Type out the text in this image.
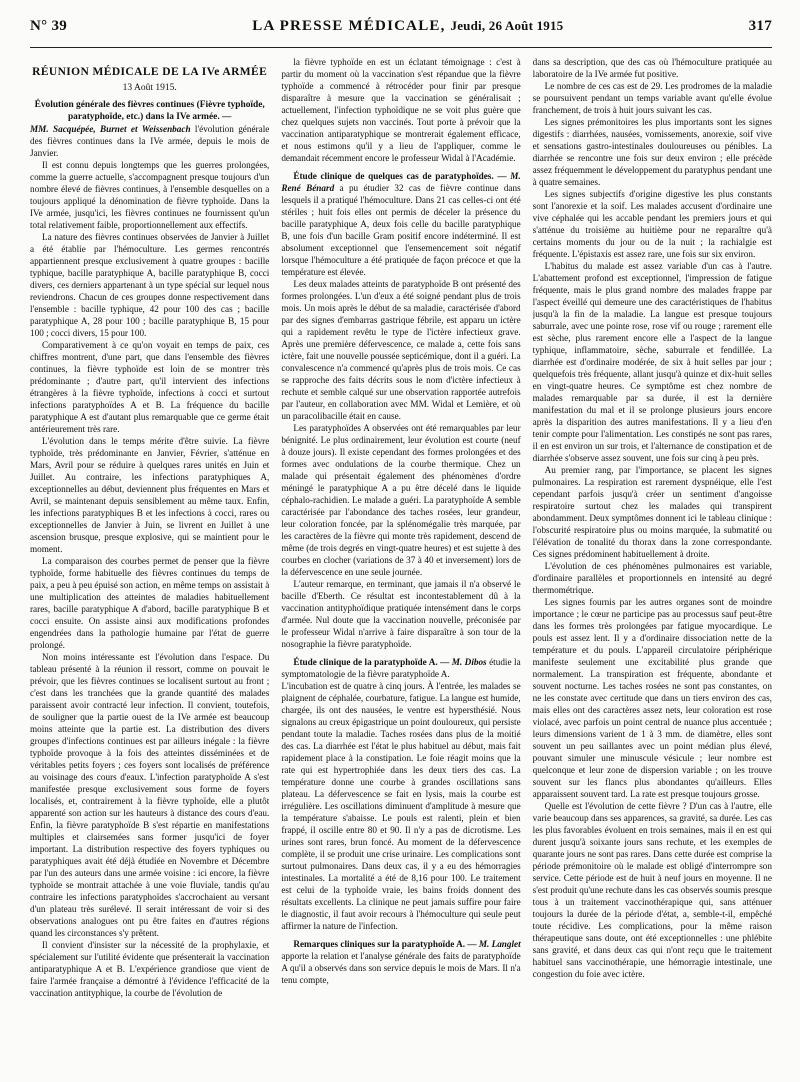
N° 39	LA PRESSE MÉDICALE, Jeudi, 26 Août 1915	317
RÉUNION MÉDICALE DE LA IVe ARMÉE
13 Août 1915.
Évolution générale des fièvres continues (Fièvre typhoïde, paratyphoïde, etc.) dans la IVe armée. —

MM. Sacquépée, Burnet et Weissenbach l'évolution générale des fièvres continues dans la IVe armée, depuis le mois de Janvier.

Il est connu depuis longtemps que les guerres prolongées, comme la guerre actuelle, s'accompagnent presque toujours d'un nombre élevé de fièvres continues, à l'ensemble desquelles on a toujours appliqué la dénomination de fièvre typhoïde. Dans la IVe armée, jusqu'ici, les fièvres continues ne fournissent qu'un total relativement faible, proportionnellement aux effectifs.

La nature des fièvres continues observées de Janvier à Juillet a été établie par l'hémoculture. Les germes rencontrés appartiennent presque exclusivement à quatre groupes : bacille typhique, bacille paratyphique A, bacille paratyphique B, cocci divers, ces derniers appartenant à un type spécial sur lequel nous reviendrons. Chacun de ces groupes donne respectivement dans l'ensemble : bacille typhique, 42 pour 100 des cas ; bacille paratyphique A, 28 pour 100 ; bacille paratyphique B, 15 pour 100 ; cocci divers, 15 pour 100.

Comparativement à ce qu'on voyait en temps de paix, ces chiffres montrent, d'une part, que dans l'ensemble des fièvres continues, la fièvre typhoïde est loin de se montrer très prédominante ; d'autre part, qu'il intervient des infections étrangères à la fièvre typhoïde, infections à cocci et surtout infections paratyphoïdes A et B. La fréquence du bacille paratyphique A est d'autant plus remarquable que ce germe était antérieurement très rare.

L'évolution dans le temps mérite d'être suivie. La fièvre typhoïde, très prédominante en Janvier, Février, s'atténue en Mars, Avril pour se réduire à quelques rares unités en Juin et Juillet. Au contraire, les infections paratyphiques A, exceptionnelles au début, deviennent plus fréquentes en Mars et Avril, se maintenant depuis sensiblement au même taux. Enfin, les infections paratyphiques B et les infections à cocci, rares ou exceptionnelles de Janvier à Juin, se livrent en Juillet à une ascension brusque, presque explosive, qui se maintient pour le moment.

La comparaison des courbes permet de penser que la fièvre typhoïde, forme habituelle des fièvres continues du temps de paix, a peu à peu épuisé son action, en même temps on assistait à une multiplication des atteintes de maladies habituellement rares, bacille paratyphique A d'abord, bacille paratyphique B et cocci ensuite. On assiste ainsi aux modifications profondes engendrées dans la pathologie humaine par l'état de guerre prolongé.

Non moins intéressante est l'évolution dans l'espace. Du tableau présenté à la réunion il ressort, comme on pouvait le prévoir, que les fièvres continues se localisent surtout au front ; c'est dans les tranchées que la grande quantité des malades paraissent avoir contracté leur infection. Il convient, toutefois, de souligner que la partie ouest de la IVe armée est beaucoup moins atteinte que la partie est. La distribution des divers groupes d'infections continues est par ailleurs inégale : la fièvre typhoïde provoque à la fois des atteintes disséminées et de véritables petits foyers ; ces foyers sont localisés de préférence au voisinage des cours d'eaux. L'infection paratyphoïde A s'est manifestée presque exclusivement sous forme de foyers localisés, et, contrairement à la fièvre typhoïde, elle a plutôt apparenté son action sur les hauteurs à distance des cours d'eau. Enfin, la fièvre paratyphoïde B s'est répartie en manifestations multiples et clairsemées sans former jusqu'ici de foyer important. La distribution respective des foyers typhiques ou paratyphiques avait été déjà étudiée en Novembre et Décembre par l'un des auteurs dans une armée voisine : ici encore, la fièvre typhoïde se montrait attachée à une voie fluviale, tandis qu'au contraire les infections paratyphoïdes s'accrochaient au versant d'un plateau très surélevé. Il serait intéressant de voir si des observations analogues ont pu être faites en d'autres régions quand les circonstances s'y prêtent.

Il convient d'insister sur la nécessité de la prophylaxie, et spécialement sur l'utilité évidente que présenterait la vaccination antiparatyphique A et B. L'expérience grandiose que vient de faire l'armée française a démontré à l'évidence l'efficacité de la vaccination antityphique, la courbe de l'évolution de

la fièvre typhoïde en est un éclatant témoignage : c'est à partir du moment où la vaccination s'est répandue que la fièvre typhoïde a commencé à rétrocéder pour finir par presque disparaître à mesure que la vaccination se généralisait ; actuellement, l'infection typhoïdique ne se voit plus guère que chez quelques sujets non vaccinés. Tout porte à prévoir que la vaccination antiparatyphique se montrerait également efficace, et nous estimons qu'il y a lieu de l'appliquer, comme le demandait récemment encore le professeur Widal à l'Académie.

Étude clinique de quelques cas de paratyphoïdes. — M. René Bénard a pu étudier 32 cas de fièvre continue dans lesquels il a pratiqué l'hémoculture. Dans 21 cas celles-ci ont été stériles ; huit fois elles ont permis de déceler la présence du bacille paratyphique A, deux fois celle du bacille paratyphique B, une fois d'un bacille Gram positif encore indéterminé. Il est absolument exceptionnel que l'ensemencement soit négatif lorsque l'hémoculture a été pratiquée de façon précoce et que la température est élevée.

Les deux malades atteints de paratyphoïde B ont présenté des formes prolongées. L'un d'eux a été soigné pendant plus de trois mois. Un mois après le début de sa maladie, caractérisée d'abord par des signes d'embarras gastrique fébrile, est apparu un ictère qui a rapidement revêtu le type de l'ictère infectieux grave. Après une première défervescence, ce malade a, cette fois sans ictère, fait une nouvelle poussée septicémique, dont il a guéri. La convalescence n'a commencé qu'après plus de trois mois. Ce cas se rapproche des faits décrits sous le nom d'ictère infectieux à rechute et semble calqué sur une observation rapportée autrefois par l'auteur, en collaboration avec MM. Widal et Lemière, et où un paracolibacille était en cause.

Les paratyphoïdes A observées ont été remarquables par leur bénignité. Le plus ordinairement, leur évolution est courte (neuf à douze jours). Il existe cependant des formes prolongées et des formes avec ondulations de la courbe thermique. Chez un malade qui présentait également des phénomènes d'ordre méningé le paratyphique A a pu être décelé dans le liquide céphalo-rachidien. Le malade a guéri. La paratyphoïde A semble caractérisée par l'abondance des taches rosées, leur grandeur, leur coloration foncée, par la splénomégalie très marquée, par les caractères de la fièvre qui monte très rapidement, descend de même (de trois degrés en vingt-quatre heures) et est sujette à des courbes en clocher (variations de 37 à 40 et inversement) lors de la défervescence en une seule journée.

L'auteur remarque, en terminant, que jamais il n'a observé le bacille d'Eberth. Ce résultat est incontestablement dû à la vaccination antityphoïdique pratiquée intensément dans le corps d'armée. Nul doute que la vaccination nouvelle, préconisée par le professeur Widal n'arrive à faire disparaître à son tour de la nosographie la fièvre paratyphoïde.

Étude clinique de la paratyphoïde A. — M. Dibos étudie la symptomatologie de la fièvre paratyphoïde A.

L'incubation est de quatre à cinq jours. À l'entrée, les malades se plaignent de céphalée, courbature, fatigue. La langue est humide, chargée, ils ont des nausées, le ventre est hypersthésié. Nous signalons au creux épigastrique un point douloureux, qui persiste pendant toute la maladie. Taches rosées dans plus de la moitié des cas. La diarrhée est l'état le plus habituel au début, mais fait rapidement place à la constipation. Le foie réagit moins que la rate qui est hypertrophiée dans les deux tiers des cas. La température donne une courbe à grandes oscillations sans plateau. La défervescence se fait en lysis, mais la courbe est irrégulière. Les oscillations diminuent d'amplitude à mesure que la température s'abaisse. Le pouls est ralenti, plein et bien frappé, il oscille entre 80 et 90. Il n'y a pas de dicrotisme. Les urines sont rares, brun foncé. Au moment de la défervescence complète, il se produit une crise urinaire. Les complications sont surtout pulmonaires. Dans deux cas, il y a eu des hémorragies intestinales. La mortalité a été de 8,16 pour 100. Le traitement est celui de la typhoïde vraie, les bains froids donnent des résultats excellents. La clinique ne peut jamais suffire pour faire le diagnostic, il faut avoir recours à l'hémoculture qui seule peut affirmer la nature de l'infection.

Remarques cliniques sur la paratyphoïde A. — M. Langlet apporte la relation et l'analyse générale des faits de paratyphoïde A qu'il a observés dans son service depuis le mois de Mars. Il n'a tenu compte,

dans sa description, que des cas où l'hémoculture pratiquée au laboratoire de la IVe armée fut positive.

Le nombre de ces cas est de 29. Les prodromes de la maladie se poursuivent pendant un temps variable avant qu'elle évolue franchement, de trois à huit jours suivant les cas.

Les signes prémonitoires les plus importants sont les signes digestifs : diarrhées, nausées, vomissements, anorexie, soif vive et sensations gastro-intestinales douloureuses ou pénibles. La diarrhée se rencontre une fois sur deux environ ; elle précède assez fréquemment le développement du paratyphus pendant une à quatre semaines.

Les signes subjectifs d'origine digestive les plus constants sont l'anorexie et la soif. Les malades accusent d'ordinaire une vive céphalée qui les accable pendant les premiers jours et qui s'atténue du troisième au huitième pour ne reparaître qu'à certains moments du jour ou de la nuit ; la rachialgie est fréquente. L'épistaxis est assez rare, une fois sur six environ.

L'habitus du malade est assez variable d'un cas à l'autre. L'abattement profond est exceptionnel, l'impression de fatigue fréquente, mais le plus grand nombre des malades frappe par l'aspect éveillé qui demeure une des caractéristiques de l'habitus jusqu'à la fin de la maladie. La langue est presque toujours saburrale, avec une pointe rose, rose vif ou rouge ; rarement elle est sèche, plus rarement encore elle a l'aspect de la langue typhique, inflammatoire, sèche, saburrale et fendillée. La diarrhée est d'ordinaire modérée, de six à huit selles par jour ; quelquefois très fréquente, allant jusqu'à quinze et dix-huit selles en vingt-quatre heures. Ce symptôme est chez nombre de malades remarquable par sa durée, il est la dernière manifestation du mal et il se prolonge plusieurs jours encore après la disparition des autres manifestations. Il y a lieu d'en tenir compte pour l'alimentation. Les constipés ne sont pas rares, il en est environ un sur trois, et l'alternance de constipation et de diarrhée s'observe assez souvent, une fois sur cinq à peu près.

Au premier rang, par l'importance, se placent les signes pulmonaires. La respiration est rarement dyspnéique, elle l'est cependant parfois jusqu'à créer un sentiment d'angoisse respiratoire surtout chez les malades qui transpirent abondamment. Deux symptômes donnent ici le tableau clinique : l'obscurité respiratoire plus ou moins marquée, la submatité ou l'élévation de tonalité du thorax dans la zone correspondante. Ces signes prédominent habituellement à droite.

L'évolution de ces phénomènes pulmonaires est variable, d'ordinaire parallèles et proportionnels en intensité au degré thermométrique.

Les signes fournis par les autres organes sont de moindre importance ; le cœur ne participe pas au processus sauf peut-être dans les formes très prolongées par fatigue myocardique. Le pouls est assez lent. Il y a d'ordinaire dissociation nette de la température et du pouls. L'appareil circulatoire périphérique manifeste seulement une excitabilité plus grande que normalement. La transpiration est fréquente, abondante et souvent nocturne. Les taches rosées ne sont pas constantes, on ne les constate avec certitude que dans un tiers environ des cas, mais elles ont des caractères assez nets, leur coloration est rose violacé, avec parfois un point central de nuance plus accentuée ; leurs dimensions varient de 1 à 3 mm. de diamètre, elles sont souvent un peu saillantes avec un point médian plus élevé, pouvant simuler une minuscule vésicule ; leur nombre est quelconque et leur zone de dispersion variable ; on les trouve souvent sur les flancs plus abondantes qu'ailleurs. Elles apparaissent souvent tard. La rate est presque toujours grosse.

Quelle est l'évolution de cette fièvre ? D'un cas à l'autre, elle varie beaucoup dans ses apparences, sa gravité, sa durée. Les cas les plus favorables évoluent en trois semaines, mais il en est qui durent jusqu'à soixante jours sans rechute, et les exemples de quarante jours ne sont pas rares. Dans cette durée est comprise la période prémonitoire où le malade est obligé d'interrompre son service. Cette période est de huit à neuf jours en moyenne. Il ne s'est produit qu'une rechute dans les cas observés soumis presque tous à un traitement vaccinothérapique qui, sans atténuer toujours la durée de la période d'état, a, semble-t-il, empêché toute récidive. Les complications, pour la même raison thérapeutique sans doute, ont été exceptionnelles : une phlébite sans gravité, et dans deux cas qui n'ont reçu que le traitement habituel sans vaccinothérapie, une hémorragie intestinale, une congestion du foie avec ictère.
